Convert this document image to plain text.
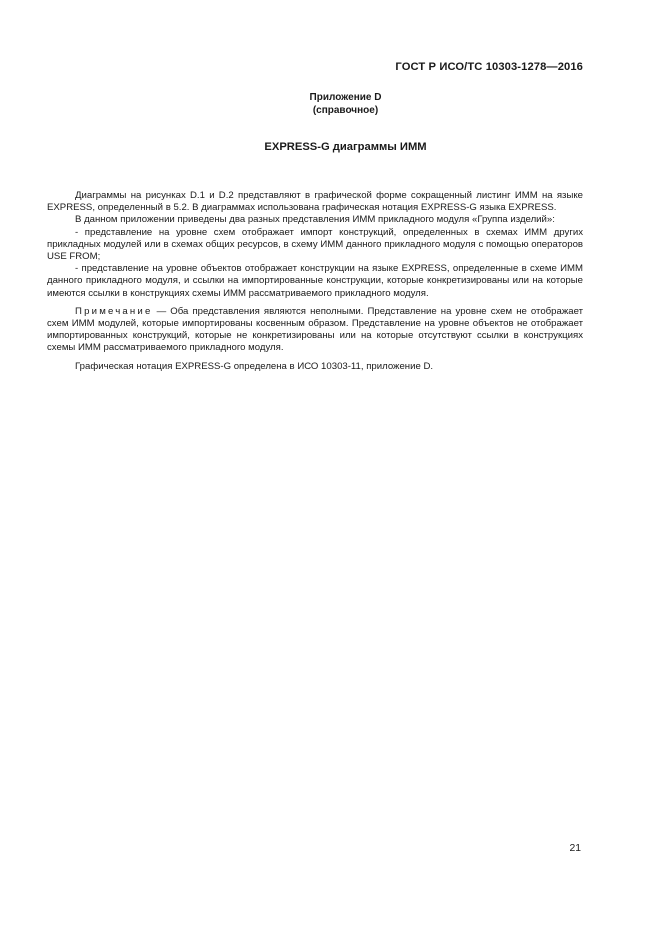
ГОСТ Р ИСО/ТС 10303-1278—2016
Приложение D
(справочное)
EXPRESS-G диаграммы ИММ

Диаграммы на рисунках D.1 и D.2 представляют в графической форме сокращенный листинг ИММ на языке EXPRESS, определенный в 5.2. В диаграммах использована графическая нотация EXPRESS-G языка EXPRESS.

В данном приложении приведены два разных представления ИММ прикладного модуля «Группа изделий»:

- представление на уровне схем отображает импорт конструкций, определенных в схемах ИММ других прикладных модулей или в схемах общих ресурсов, в схему ИММ данного прикладного модуля с помощью операторов USE FROM;

- представление на уровне объектов отображает конструкции на языке EXPRESS, определенные в схеме ИММ данного прикладного модуля, и ссылки на импортированные конструкции, которые конкретизированы или на которые имеются ссылки в конструкциях схемы ИММ рассматриваемого прикладного модуля.

Примечание — Оба представления являются неполными. Представление на уровне схем не отображает схем ИММ модулей, которые импортированы косвенным образом. Представление на уровне объектов не отображает импортированных конструкций, которые не конкретизированы или на которые отсутствуют ссылки в конструкциях схемы ИММ рассматриваемого прикладного модуля.

Графическая нотация EXPRESS-G определена в ИСО 10303-11, приложение D.

21
